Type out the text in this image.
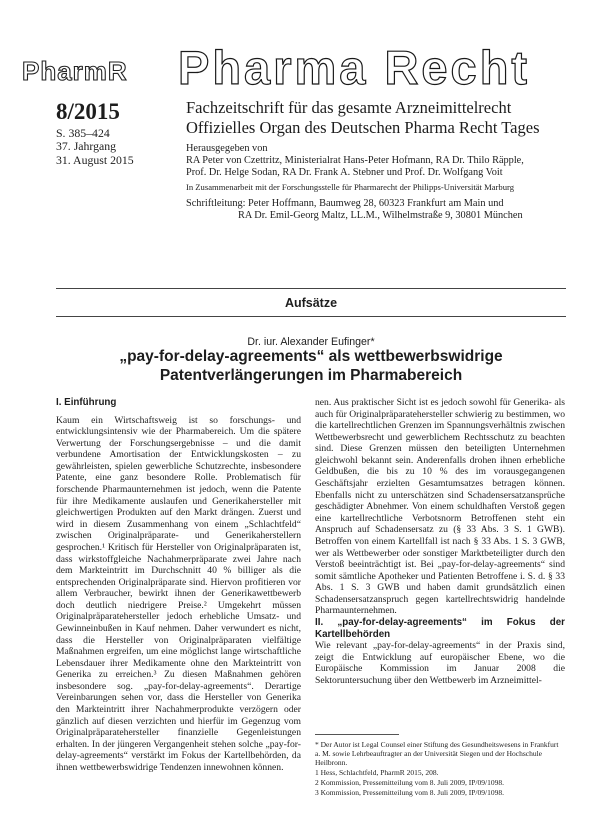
PharmR Pharma Recht
8/2015
S. 385–424
37. Jahrgang
31. August 2015
Fachzeitschrift für das gesamte Arzneimittelrecht
Offizielles Organ des Deutschen Pharma Recht Tages
Herausgegeben von
RA Peter von Czettritz, Ministerialrat Hans-Peter Hofmann, RA Dr. Thilo Räpple,
Prof. Dr. Helge Sodan, RA Dr. Frank A. Stebner und Prof. Dr. Wolfgang Voit
In Zusammenarbeit mit der Forschungsstelle für Pharmarecht der Philipps-Universität Marburg
Schriftleitung: Peter Hoffmann, Baumweg 28, 60323 Frankfurt am Main und
RA Dr. Emil-Georg Maltz, LL.M., Wilhelmstraße 9, 30801 München
Aufsätze
Dr. iur. Alexander Eufinger*
„pay-for-delay-agreements“ als wettbewerbswidrige
Patentverlängerungen im Pharmabereich

I. Einführung

Kaum ein Wirtschaftsweig ist so forschungs- und entwicklungsintensiv wie der Pharmabereich. Um die spätere Verwertung der Forschungsergebnisse – und die damit verbundene Amortisation der Entwicklungskosten – zu gewährleisten, spielen gewerbliche Schutzrechte, insbesondere Patente, eine ganz besondere Rolle. Problematisch für forschende Pharmaunternehmen ist jedoch, wenn die Patente für ihre Medikamente auslaufen und Generikahersteller mit gleichwertigen Produkten auf den Markt drängen. Zuerst und wird in diesem Zusammenhang von einem „Schlachtfeld“ zwischen Originalpräparate- und Generikaherstellern gesprochen.¹ Kritisch für Hersteller von Originalpräparaten ist, dass wirkstoffgleiche Nachahmerpräparate zwei Jahre nach dem Markteintritt im Durchschnitt 40 % billiger als die entsprechenden Originalpräparate sind. Hiervon profitieren vor allem Verbraucher, bewirkt ihnen der Generikawettbewerb doch deutlich niedrigere Preise.² Umgekehrt müssen Originalpräparatehersteller jedoch erhebliche Umsatz- und Gewinneinbußen in Kauf nehmen. Daher verwundert es nicht, dass die Hersteller von Originalpräparaten vielfältige Maßnahmen ergreifen, um eine möglichst lange wirtschaftliche Lebensdauer ihrer Medikamente ohne den Markteintritt von Generika zu erreichen.³ Zu diesen Maßnahmen gehören insbesondere sog. „pay-for-delay-agreements“. Derartige Vereinbarungen sehen vor, dass die Hersteller von Generika den Markteintritt ihrer Nachahmerprodukte verzögern oder gänzlich auf diesen verzichten und hierfür im Gegenzug vom Originalpräparatehersteller finanzielle Gegenleistungen erhalten. In der jüngeren Vergangenheit stehen solche „pay-for-delay-agreements“ verstärkt im Fokus der Kartellbehörden, da ihnen wettbewerbswidrige Tendenzen innewohnen können.

nen. Aus praktischer Sicht ist es jedoch sowohl für Generika- als auch für Originalpräparatehersteller schwierig zu bestimmen, wo die kartellrechtlichen Grenzen im Spannungsverhältnis zwischen Wettbewerbsrecht und gewerblichem Rechtsschutz zu beachten sind. Diese Grenzen müssen den beteiligten Unternehmen gleichwohl bekannt sein. Anderenfalls drohen ihnen erhebliche Geldbußen, die bis zu 10 % des im vorausgegangenen Geschäftsjahr erzielten Gesamtumsatzes betragen können. Ebenfalls nicht zu unterschätzen sind Schadensersatzansprüche geschädigter Abnehmer. Von einem schuldhaften Verstoß gegen eine kartellrechtliche Verbotsnorm Betroffenen steht ein Anspruch auf Schadensersatz zu (§ 33 Abs. 3 S. 1 GWB). Betroffen von einem Kartellfall ist nach § 33 Abs. 1 S. 3 GWB, wer als Wettbewerber oder sonstiger Marktbeteiligter durch den Verstoß beeinträchtigt ist. Bei „pay-for-delay-agreements“ sind somit sämtliche Apotheker und Patienten Betroffene i. S. d. § 33 Abs. 1 S. 3 GWB und haben damit grundsätzlich einen Schadensersatzanspruch gegen kartellrechtswidrig handelnde Pharmaunternehmen.

II. „pay-for-delay-agreements“ im Fokus der Kartellbehörden

Wie relevant „pay-for-delay-agreements“ in der Praxis sind, zeigt die Entwicklung auf europäischer Ebene, wo die Europäische Kommission im Januar 2008 die Sektoruntersuchung über den Wettbewerb im Arzneimittel-

* Der Autor ist Legal Counsel einer Stiftung des Gesundheitswesens in Frankfurt a. M. sowie Lehrbeauftragter an der Universität Siegen und der Hochschule Heilbronn.
1 Hess, Schlachtfeld, PharmR 2015, 208.
2 Kommission, Pressemitteilung vom 8. Juli 2009, IP/09/1098.
3 Kommission, Pressemitteilung vom 8. Juli 2009, IP/09/1098.
